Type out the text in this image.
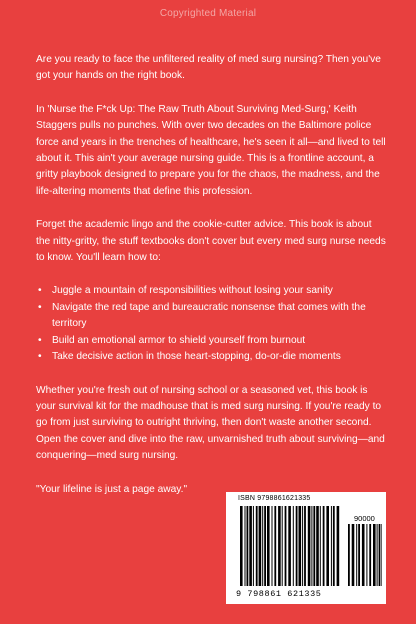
Copyrighted Material

Are you ready to face the unfiltered reality of med surg nursing? Then you've got your hands on the right book.

In 'Nurse the F*ck Up: The Raw Truth About Surviving Med-Surg,' Keith Staggers pulls no punches. With over two decades on the Baltimore police force and years in the trenches of healthcare, he's seen it all—and lived to tell about it. This ain't your average nursing guide. This is a frontline account, a gritty playbook designed to prepare you for the chaos, the madness, and the life-altering moments that define this profession.

Forget the academic lingo and the cookie-cutter advice. This book is about the nitty-gritty, the stuff textbooks don't cover but every med surg nurse needs to know. You'll learn how to:

• Juggle a mountain of responsibilities without losing your sanity
• Navigate the red tape and bureaucratic nonsense that comes with the territory
• Build an emotional armor to shield yourself from burnout
• Take decisive action in those heart-stopping, do-or-die moments

Whether you're fresh out of nursing school or a seasoned vet, this book is your survival kit for the madhouse that is med surg nursing. If you're ready to go from just surviving to outright thriving, then don't waste another second. Open the cover and dive into the raw, unvarnished truth about surviving—and conquering—med surg nursing.

"Your lifeline is just a page away."

ISBN 9798861621335
90000
9 798861 621335
